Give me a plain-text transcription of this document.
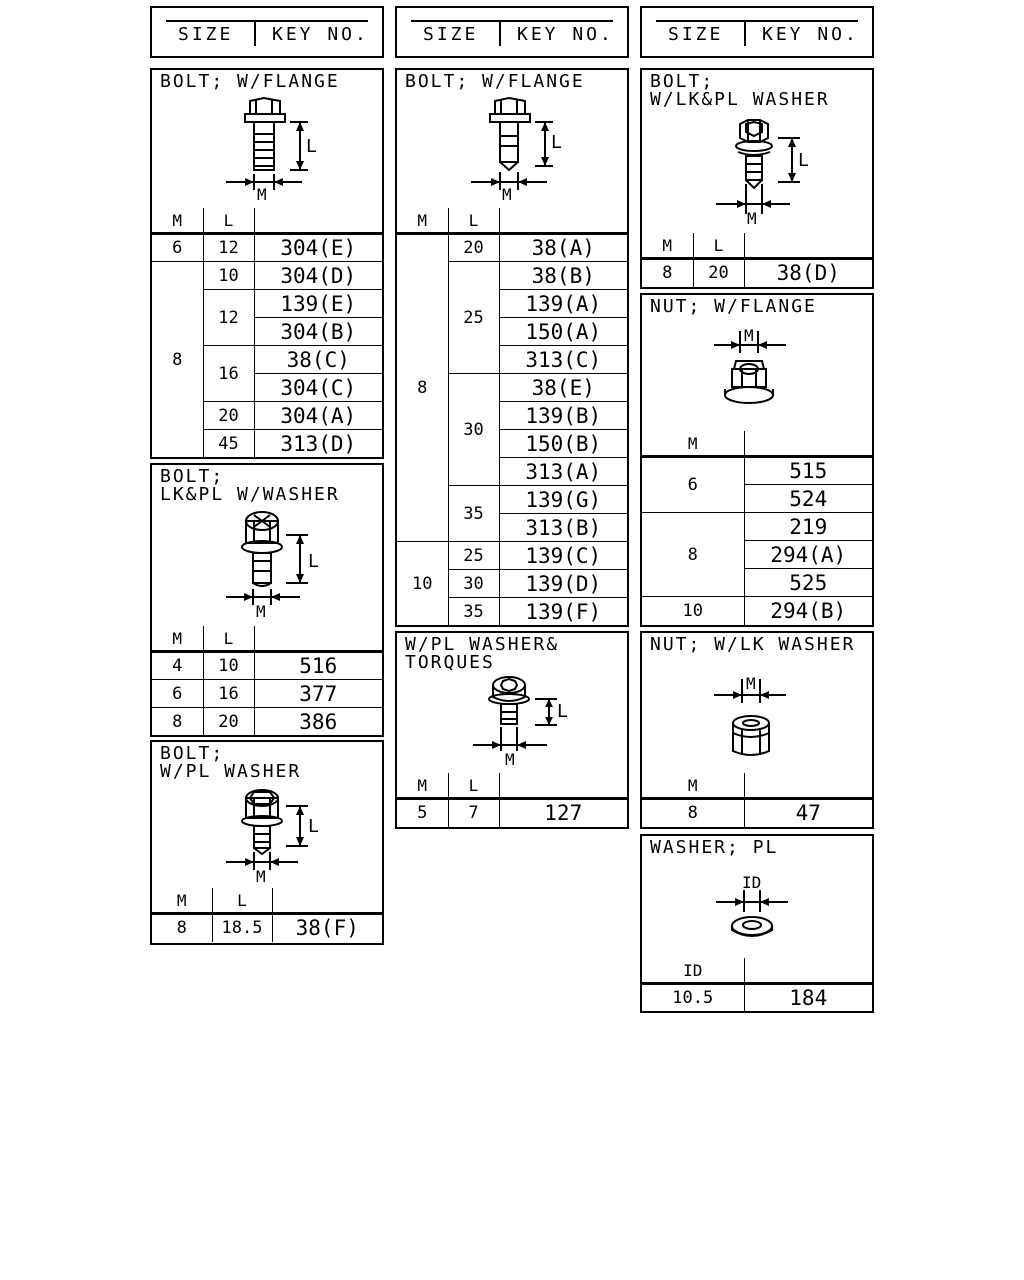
SIZE KEY NO.	SIZE KEY NO.	SIZE KEY NO.
BOLT; W/FLANGE
L
M
M	L	
6	12	304(E)
8	10	304(D)
	12	139(E)
		304(B)
	16	38(C)
		304(C)
	20	304(A)
	45	313(D)
BOLT;
LK&PL W/WASHER
L
M
M	L	
4	10	516
6	16	377
8	20	386
BOLT;
W/PL WASHER
L
M
M	L	
8	18.5	38(F)
BOLT; W/FLANGE
L
M
M	L	
8	20	38(A)
	25	38(B)
		139(A)
		150(A)
		313(C)
	30	38(E)
		139(B)
		150(B)
		313(A)
	35	139(G)
		313(B)
10	25	139(C)
	30	139(D)
	35	139(F)
W/PL WASHER&
TORQUES
L
M
M	L	
5	7	127
BOLT;
W/LK&PL WASHER
L
M
M	L	
8	20	38(D)
NUT; W/FLANGE
M
M	
6	515
	524
8	219
	294(A)
	525
10	294(B)
NUT; W/LK WASHER
M
M	
8	47
WASHER; PL
ID
ID	
10.5	184
